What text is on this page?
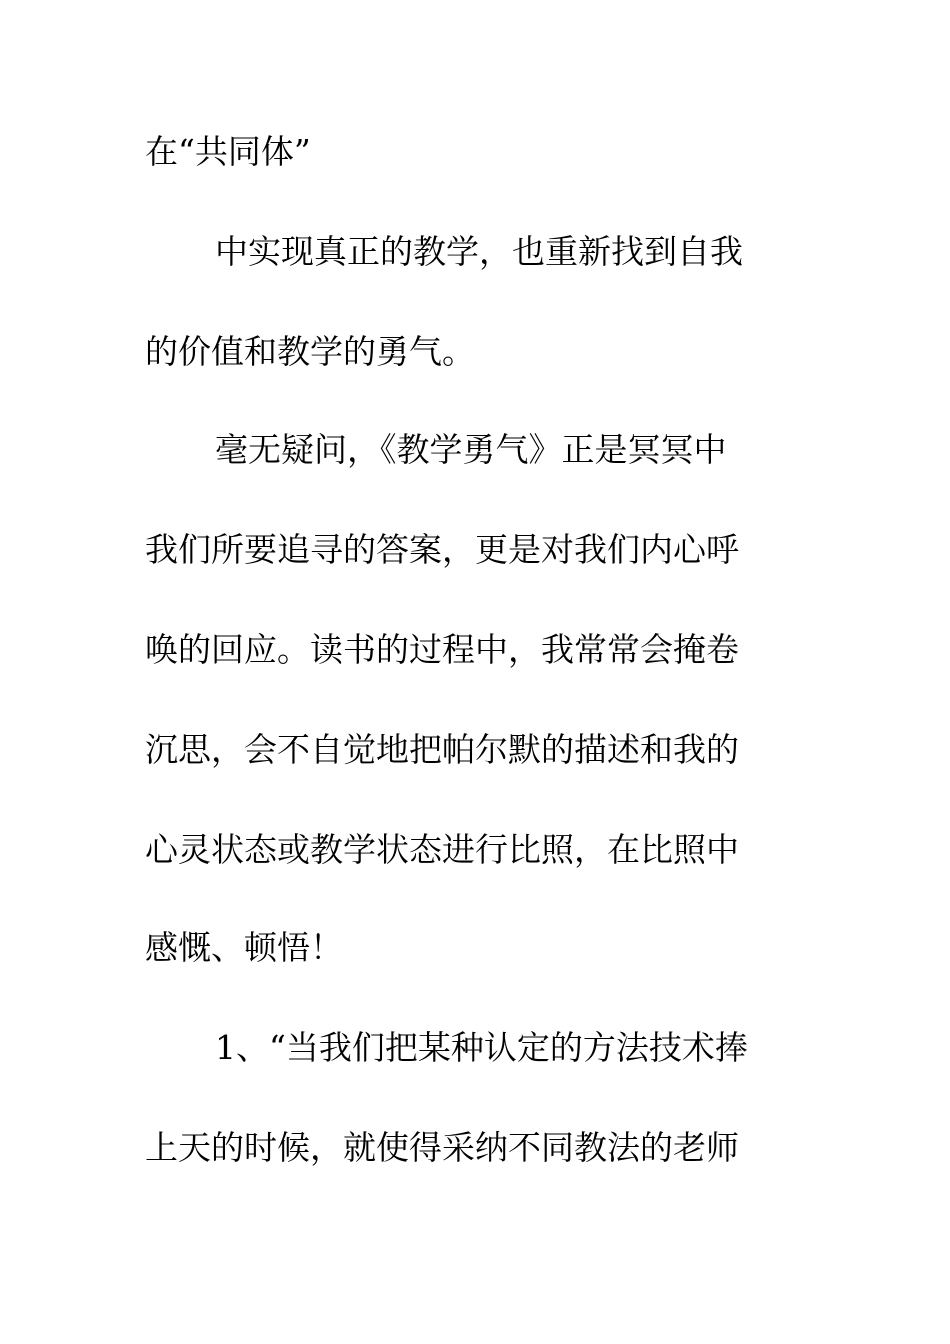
在“共同体”

中实现真正的教学，也重新找到自我

的价值和教学的勇气。

毫无疑问，《教学勇气》正是冥冥中

我们所要追寻的答案，更是对我们内心呼

唤的回应。读书的过程中，我常常会掩卷

沉思，会不自觉地把帕尔默的描述和我的

心灵状态或教学状态进行比照，在比照中

感慨、顿悟！

1、“当我们把某种认定的方法技术捧

上天的时候，就使得采纳不同教法的老师
